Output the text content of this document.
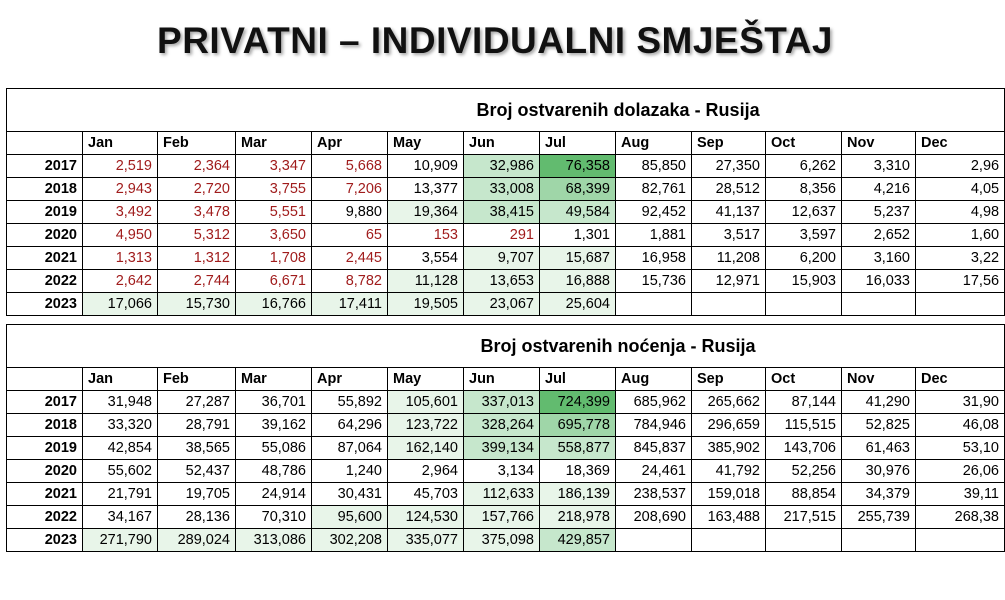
PRIVATNI – INDIVIDUALNI SMJEŠTAJ
Broj ostvarenih dolazaka - Rusija												
	Jan	Feb	Mar	Apr	May	Jun	Jul	Aug	Sep	Oct	Nov	Dec
2017	2,519	2,364	3,347	5,668	10,909	32,986	76,358	85,850	27,350	6,262	3,310	2,96
2018	2,943	2,720	3,755	7,206	13,377	33,008	68,399	82,761	28,512	8,356	4,216	4,05
2019	3,492	3,478	5,551	9,880	19,364	38,415	49,584	92,452	41,137	12,637	5,237	4,98
2020	4,950	5,312	3,650	65	153	291	1,301	1,881	3,517	3,597	2,652	1,60
2021	1,313	1,312	1,708	2,445	3,554	9,707	15,687	16,958	11,208	6,200	3,160	3,22
2022	2,642	2,744	6,671	8,782	11,128	13,653	16,888	15,736	12,971	15,903	16,033	17,56
2023	17,066	15,730	16,766	17,411	19,505	23,067	25,604					
Broj ostvarenih noćenja - Rusija												
	Jan	Feb	Mar	Apr	May	Jun	Jul	Aug	Sep	Oct	Nov	Dec
2017	31,948	27,287	36,701	55,892	105,601	337,013	724,399	685,962	265,662	87,144	41,290	31,90
2018	33,320	28,791	39,162	64,296	123,722	328,264	695,778	784,946	296,659	115,515	52,825	46,08
2019	42,854	38,565	55,086	87,064	162,140	399,134	558,877	845,837	385,902	143,706	61,463	53,10
2020	55,602	52,437	48,786	1,240	2,964	3,134	18,369	24,461	41,792	52,256	30,976	26,06
2021	21,791	19,705	24,914	30,431	45,703	112,633	186,139	238,537	159,018	88,854	34,379	39,11
2022	34,167	28,136	70,310	95,600	124,530	157,766	218,978	208,690	163,488	217,515	255,739	268,38
2023	271,790	289,024	313,086	302,208	335,077	375,098	429,857					
